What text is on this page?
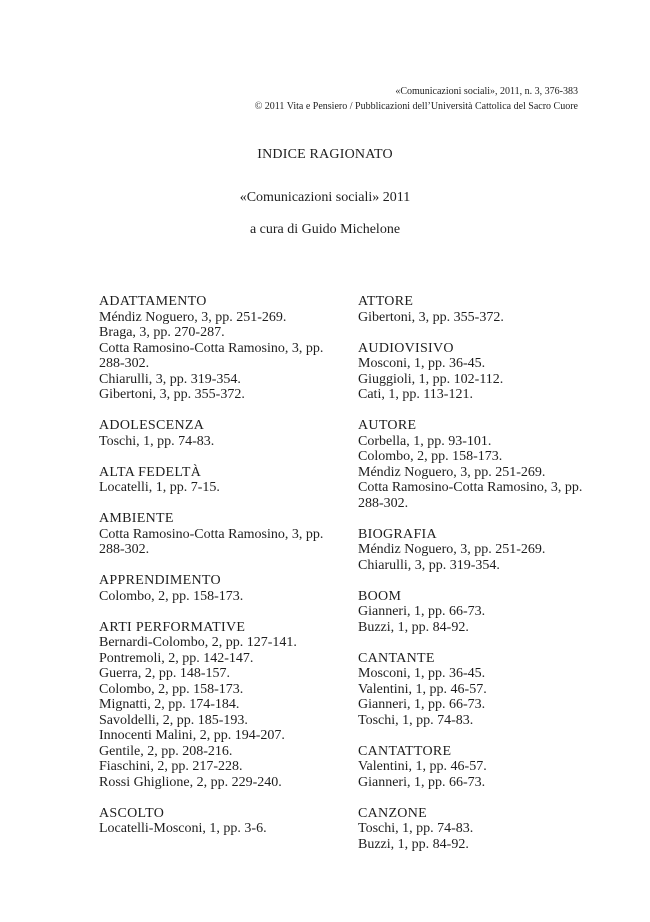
«Comunicazioni sociali», 2011, n. 3, 376-383
© 2011 Vita e Pensiero / Pubblicazioni dell’Università Cattolica del Sacro Cuore
INDICE RAGIONATO
«Comunicazioni sociali» 2011
a cura di Guido Michelone
ADATTAMENTO
Méndiz Noguero, 3, pp. 251-269.
Braga, 3, pp. 270-287.
Cotta Ramosino-Cotta Ramosino, 3, pp.
288-302.
Chiarulli, 3, pp. 319-354.
Gibertoni, 3, pp. 355-372.
ADOLESCENZA
Toschi, 1, pp. 74-83.
ALTA FEDELTÀ
Locatelli, 1, pp. 7-15.
AMBIENTE
Cotta Ramosino-Cotta Ramosino, 3, pp.
288-302.
APPRENDIMENTO
Colombo, 2, pp. 158-173.
ARTI PERFORMATIVE
Bernardi-Colombo, 2, pp. 127-141.
Pontremoli, 2, pp. 142-147.
Guerra, 2, pp. 148-157.
Colombo, 2, pp. 158-173.
Mignatti, 2, pp. 174-184.
Savoldelli, 2, pp. 185-193.
Innocenti Malini, 2, pp. 194-207.
Gentile, 2, pp. 208-216.
Fiaschini, 2, pp. 217-228.
Rossi Ghiglione, 2, pp. 229-240.
ASCOLTO
Locatelli-Mosconi, 1, pp. 3-6.
ATTORE
Gibertoni, 3, pp. 355-372.
AUDIOVISIVO
Mosconi, 1, pp. 36-45.
Giuggioli, 1, pp. 102-112.
Cati, 1, pp. 113-121.
AUTORE
Corbella, 1, pp. 93-101.
Colombo, 2, pp. 158-173.
Méndiz Noguero, 3, pp. 251-269.
Cotta Ramosino-Cotta Ramosino, 3, pp.
288-302.
BIOGRAFIA
Méndiz Noguero, 3, pp. 251-269.
Chiarulli, 3, pp. 319-354.
BOOM
Gianneri, 1, pp. 66-73.
Buzzi, 1, pp. 84-92.
CANTANTE
Mosconi, 1, pp. 36-45.
Valentini, 1, pp. 46-57.
Gianneri, 1, pp. 66-73.
Toschi, 1, pp. 74-83.
CANTATTORE
Valentini, 1, pp. 46-57.
Gianneri, 1, pp. 66-73.
CANZONE
Toschi, 1, pp. 74-83.
Buzzi, 1, pp. 84-92.
